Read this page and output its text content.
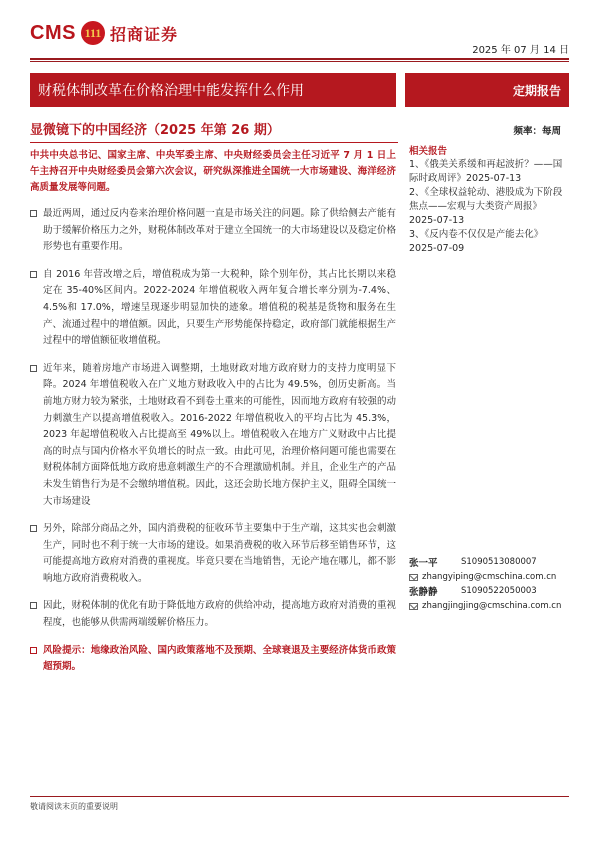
CMS 111 招商证券
2025 年 07 月 14 日
财税体制改革在价格治理中能发挥什么作用	定期报告
显微镜下的中国经济（2025 年第 26 期）	频率：每周
中共中央总书记、国家主席、中央军委主席、中央财经委员会主任习近平 7 月 1 日上午主持召开中央财经委员会第六次会议，研究纵深推进全国统一大市场建设、海洋经济高质量发展等问题。
最近两周，通过反内卷来治理价格问题一直是市场关注的问题。除了供给侧去产能有助于缓解价格压力之外，财税体制改革对于建立全国统一的大市场建设以及稳定价格形势也有重要作用。
自 2016 年营改增之后，增值税成为第一大税种，除个别年份，其占比长期以来稳定在 35-40%区间内。2022-2024 年增值税收入两年复合增长率分别为-7.4%、4.5%和 17.0%，增速呈现逐步明显加快的迹象。增值税的税基是货物和服务在生产、流通过程中的增值额。因此，只要生产形势能保持稳定，政府部门就能根据生产过程中的增值额征收增值税。
近年来，随着房地产市场进入调整期，土地财政对地方政府财力的支持力度明显下降。2024 年增值税收入在广义地方财政收入中的占比为 49.5%，创历史新高。当前地方财力较为紧张，土地财政看不到卷土重来的可能性，因而地方政府有较强的动力刺激生产以提高增值税收入。2016-2022 年增值税收入的平均占比为 45.3%，2023 年起增值税收入占比提高至 49%以上。增值税收入在地方广义财政中占比提高的时点与国内价格水平负增长的时点一致。由此可见，治理价格问题可能也需要在财税体制方面降低地方政府患意刺激生产的不合理激励机制。并且，企业生产的产品未发生销售行为是不会缴纳增值税。因此，这还会助长地方保护主义，阻碍全国统一大市场建设
另外，除部分商品之外，国内消费税的征收环节主要集中于生产端，这其实也会刺激生产，同时也不利于统一大市场的建设。如果消费税的收入环节后移至销售环节，这可能提高地方政府对消费的重视度。毕竟只要在当地销售，无论产地在哪儿，都不影响地方政府消费税收入。
因此，财税体制的优化有助于降低地方政府的供给冲动，提高地方政府对消费的重视程度，也能够从供需两端缓解价格压力。
风险提示：地缘政治风险、国内政策落地不及预期、全球衰退及主要经济体货币政策超预期。
相关报告
1、《俄美关系缓和再起波折？——国际时政周评》2025-07-13
2、《全球权益轮动、港股成为下阶段焦点——宏观与大类资产周报》2025-07-13
3、《反内卷不仅仅是产能去化》2025-07-09
张一平	S1090513080007
zhangyiping@cmschina.com.cn
张静静	S1090522050003
zhangjingjing@cmschina.com.cn
敬请阅读末页的重要说明
